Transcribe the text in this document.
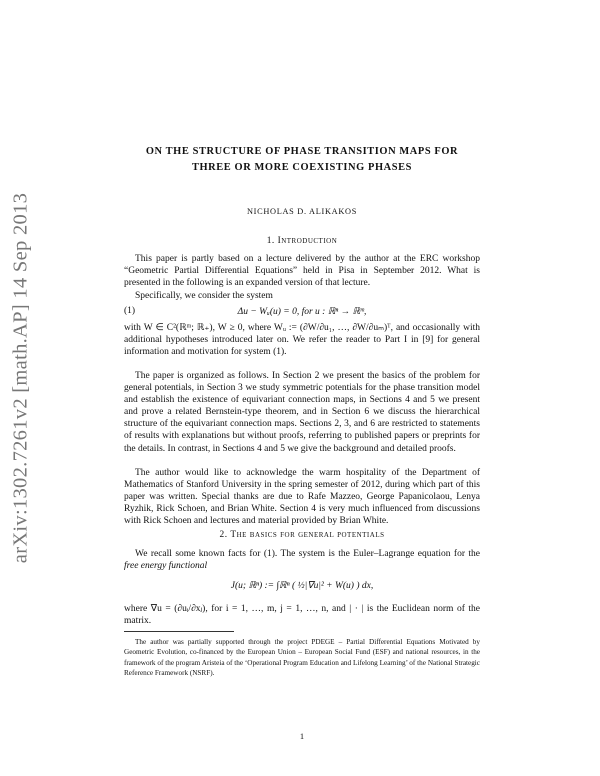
arXiv:1302.7261v2 [math.AP] 14 Sep 2013
ON THE STRUCTURE OF PHASE TRANSITION MAPS FOR
THREE OR MORE COEXISTING PHASES
NICHOLAS D. ALIKAKOS
1. Introduction
This paper is partly based on a lecture delivered by the author at the ERC workshop “Geometric Partial Differential Equations” held in Pisa in September 2012. What is presented in the following is an expanded version of that lecture.
Specifically, we consider the system
(1)	Δu − Wᵤ(u) = 0, for u : ℝⁿ → ℝᵐ,
with W ∈ C²(ℝᵐ; ℝ₊), W ≥ 0, where Wᵤ := (∂W/∂u₁, …, ∂W/∂uₘ)ᵀ, and occasionally with additional hypotheses introduced later on. We refer the reader to Part I in [9] for general information and motivation for system (1).
The paper is organized as follows. In Section 2 we present the basics of the problem for general potentials, in Section 3 we study symmetric potentials for the phase transition model and establish the existence of equivariant connection maps, in Sections 4 and 5 we present and prove a related Bernstein-type theorem, and in Section 6 we discuss the hierarchical structure of the equivariant connection maps. Sections 2, 3, and 6 are restricted to statements of results with explanations but without proofs, referring to published papers or preprints for the details. In contrast, in Sections 4 and 5 we give the background and detailed proofs.
The author would like to acknowledge the warm hospitality of the Department of Mathematics of Stanford University in the spring semester of 2012, during which part of this paper was written. Special thanks are due to Rafe Mazzeo, George Papanicolaou, Lenya Ryzhik, Rick Schoen, and Brian White. Section 4 is very much influenced from discussions with Rick Schoen and lectures and material provided by Brian White.
2. The basics for general potentials
We recall some known facts for (1). The system is the Euler–Lagrange equation for the free energy functional
J(u; ℝⁿ) := ∫ℝⁿ ( ½|∇u|² + W(u) ) dx,
where ∇u = (∂uᵢ/∂xⱼ), for i = 1, …, m, j = 1, …, n, and | · | is the Euclidean norm of the matrix.
The author was partially supported through the project PDEGE – Partial Differential Equations Motivated by Geometric Evolution, co-financed by the European Union – European Social Fund (ESF) and national resources, in the framework of the program Aristeia of the ‘Operational Program Education and Lifelong Learning’ of the National Strategic Reference Framework (NSRF).
1
